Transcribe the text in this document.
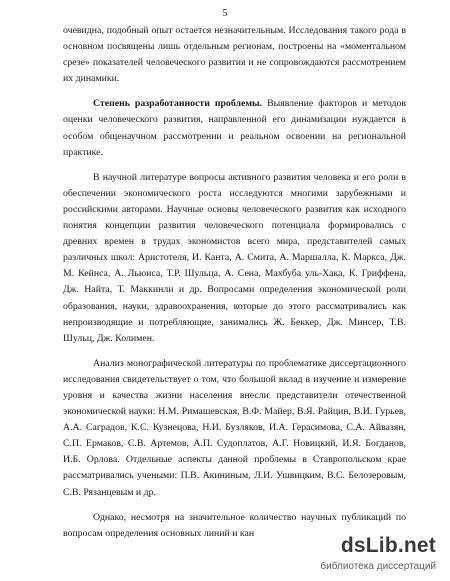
5

очевидна, подобный опыт остается незначительным. Исследования такого рода в основном посвящены лишь отдельным регионам, построены на «моментальном срезе» показателей человеческого развития и не сопровождаются рассмотрением их динамики.

Степень разработанности проблемы. Выявление факторов и методов оценки человеческого развития, направленной его динамизации нуждается в особом общенаучном рассмотрении и реальном освоении на региональной практике.

В научной литературе вопросы активного развития человека и его роли в обеспечении экономического роста исследуются многими зарубежными и российскими авторами. Научные основы человеческого развития как исходного понятия концепции развития человеческого потенциала формировались с древних времен в трудах экономистов всего мира, представителей самых различных школ: Аристотеля, И. Канта, А. Смита, А. Маршалла, К. Маркса, Дж. М. Кейнса, А. Льюиса, Т.Р. Шульца, А. Сена, Махбуба уль-Хака, К. Гриффена, Дж. Найта, Т. Маккинли и др. Вопросами определения экономической роли образования, науки, здравоохранения, которые до этого рассматривались как непроизводящие и потребляющие, занимались Ж. Беккер, Дж. Минсер, Т.В. Шульц, Дж. Колимен.

Анализ монографической литературы по проблематике диссертационного исследования свидетельствует о том, что большой вклад в изучение и измерение уровня и качества жизни населения внесли представители отечественной экономической науки: Н.М. Римашевская, В.Ф. Майер, В.Я. Райцин, В.И. Гурьев, А.А. Саградов, К.С. Кузнецова, Н.И. Бузляков, И.А. Герасимова, С.А. Айвазян, С.П. Ермаков, С.В. Артемов, А.П. Судоплатов, А.Г. Новицкий, И.Я. Богданов, И.Б. Орлова. Отдельные аспекты данной проблемы в Ставропольском крае рассматривались учеными: П.В. Акининым, Л.И. Ушвицким, В.С. Белозеровым, С.В. Рязанцевым и др.

Однако, несмотря на значительное количество научных публикаций по вопросам определения основных линий и кан

dsLib.net
библиотека диссертаций
